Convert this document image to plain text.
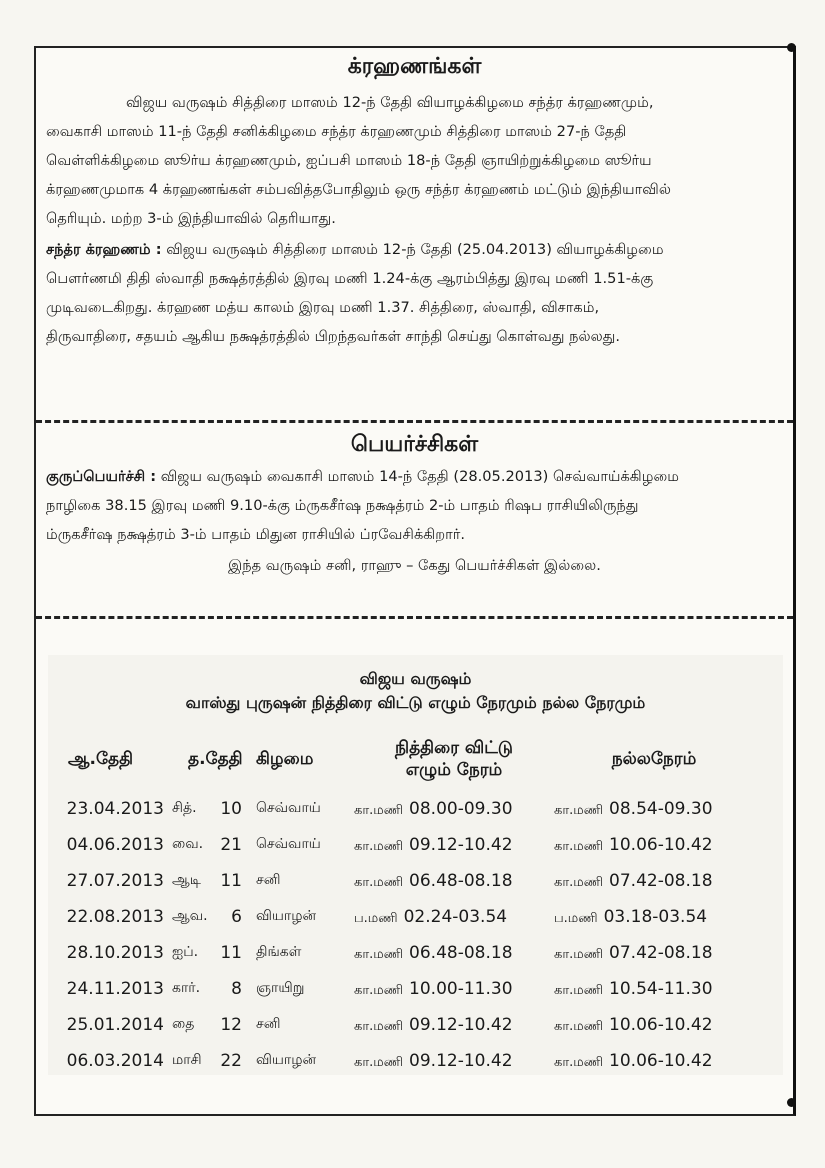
க்ரஹணங்கள்
விஜய வருஷம் சித்திரை மாஸம் 12-ந் தேதி வியாழக்கிழமை சந்த்ர க்ரஹணமும்,
வைகாசி மாஸம் 11-ந் தேதி சனிக்கிழமை சந்த்ர க்ரஹணமும் சித்திரை மாஸம் 27-ந் தேதி
வெள்ளிக்கிழமை ஸூர்ய க்ரஹணமும், ஐப்பசி மாஸம் 18-ந் தேதி ஞாயிற்றுக்கிழமை ஸூர்ய
க்ரஹணமுமாக 4 க்ரஹணங்கள் சம்பவித்தபோதிலும் ஒரு சந்த்ர க்ரஹணம் மட்டும் இந்தியாவில்
தெரியும். மற்ற 3-ம் இந்தியாவில் தெரியாது.
சந்த்ர க்ரஹணம் : விஜய வருஷம் சித்திரை மாஸம் 12-ந் தேதி (25.04.2013) வியாழக்கிழமை
பௌர்ணமி திதி ஸ்வாதி நக்ஷத்ரத்தில் இரவு மணி 1.24-க்கு ஆரம்பித்து இரவு மணி 1.51-க்கு
முடிவடைகிறது. க்ரஹண மத்ய காலம் இரவு மணி 1.37. சித்திரை, ஸ்வாதி, விசாகம்,
திருவாதிரை, சதயம் ஆகிய நக்ஷத்ரத்தில் பிறந்தவர்கள் சாந்தி செய்து கொள்வது நல்லது.
பெயர்ச்சிகள்
குருப்பெயர்ச்சி : விஜய வருஷம் வைகாசி மாஸம் 14-ந் தேதி (28.05.2013) செவ்வாய்க்கிழமை
நாழிகை 38.15 இரவு மணி 9.10-க்கு ம்ருகசீர்ஷ நக்ஷத்ரம் 2-ம் பாதம் ரிஷப ராசியிலிருந்து
ம்ருகசீர்ஷ நக்ஷத்ரம் 3-ம் பாதம் மிதுன ராசியில் ப்ரவேசிக்கிறார்.
இந்த வருஷம் சனி, ராஹு – கேது பெயர்ச்சிகள் இல்லை.
விஜய வருஷம்
வாஸ்து புருஷன் நித்திரை விட்டு எழும் நேரமும் நல்ல நேரமும்
ஆ.தேதி	த.தேதி		கிழமை	நித்திரை விட்டு
எழும் நேரம்	நல்லநேரம்

23.04.2013	சித்.	10	செவ்வாய்	கா.மணி 08.00-09.30	கா.மணி 08.54-09.30
04.06.2013	வை.	21	செவ்வாய்	கா.மணி 09.12-10.42	கா.மணி 10.06-10.42
27.07.2013	ஆடி	11	சனி	கா.மணி 06.48-08.18	கா.மணி 07.42-08.18
22.08.2013	ஆவ.	6	வியாழன்	ப.மணி 02.24-03.54	ப.மணி 03.18-03.54
28.10.2013	ஐப்.	11	திங்கள்	கா.மணி 06.48-08.18	கா.மணி 07.42-08.18
24.11.2013	கார்.	8	ஞாயிறு	கா.மணி 10.00-11.30	கா.மணி 10.54-11.30
25.01.2014	தை	12	சனி	கா.மணி 09.12-10.42	கா.மணி 10.06-10.42
06.03.2014	மாசி	22	வியாழன்	கா.மணி 09.12-10.42	கா.மணி 10.06-10.42
